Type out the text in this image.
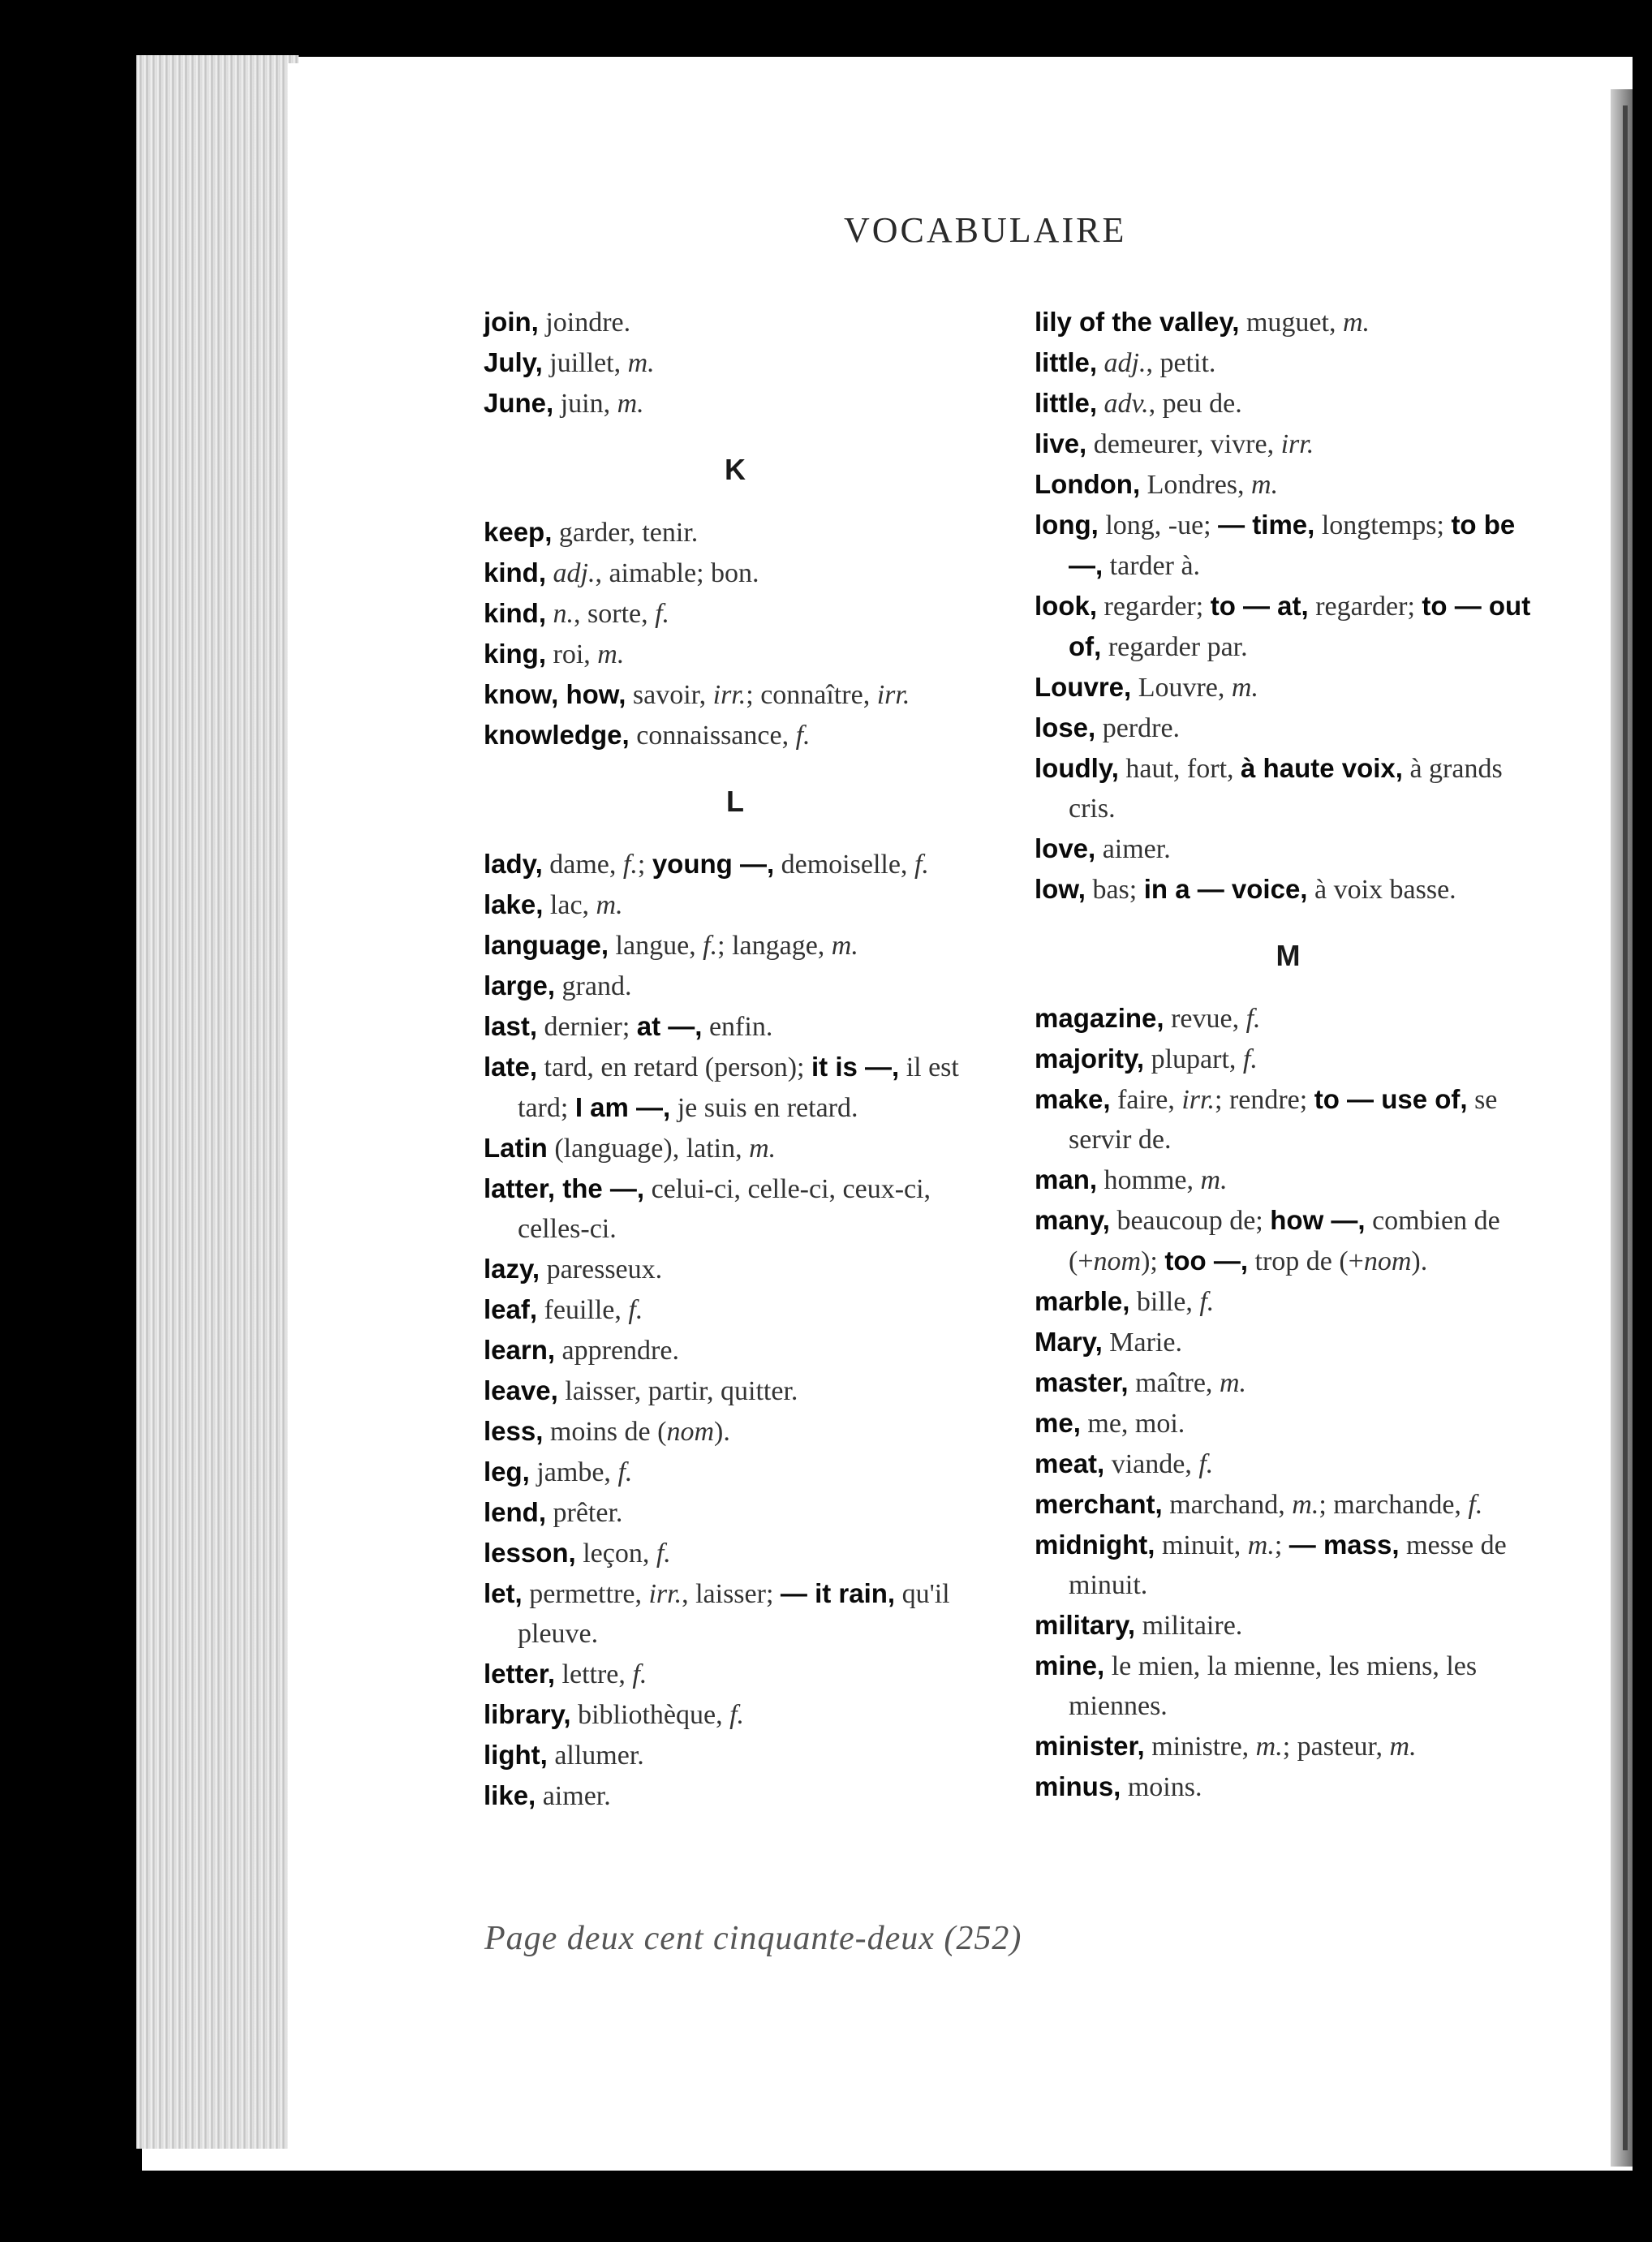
VOCABULAIRE

join, joindre.

July, juillet, m.

June, juin, m.

K

keep, garder, tenir.

kind, adj., aimable; bon.

kind, n., sorte, f.

king, roi, m.

know, how, savoir, irr.; connaître, irr.

knowledge, connaissance, f.

L

lady, dame, f.; young —, demoiselle, f.

lake, lac, m.

language, langue, f.; langage, m.

large, grand.

last, dernier; at —, enfin.

late, tard, en retard (person); it is —, il est tard; I am —, je suis en retard.

Latin (language), latin, m.

latter, the —, celui-ci, celle-ci, ceux-ci, celles-ci.

lazy, paresseux.

leaf, feuille, f.

learn, apprendre.

leave, laisser, partir, quitter.

less, moins de (nom).

leg, jambe, f.

lend, prêter.

lesson, leçon, f.

let, permettre, irr., laisser; — it rain, qu'il pleuve.

letter, lettre, f.

library, bibliothèque, f.

light, allumer.

like, aimer.

lily of the valley, muguet, m.

little, adj., petit.

little, adv., peu de.

live, demeurer, vivre, irr.

London, Londres, m.

long, long, -ue; — time, longtemps; to be —, tarder à.

look, regarder; to — at, regarder; to — out of, regarder par.

Louvre, Louvre, m.

lose, perdre.

loudly, haut, fort, à haute voix, à grands cris.

love, aimer.

low, bas; in a — voice, à voix basse.

M

magazine, revue, f.

majority, plupart, f.

make, faire, irr.; rendre; to — use of, se servir de.

man, homme, m.

many, beaucoup de; how —, combien de (+nom); too —, trop de (+nom).

marble, bille, f.

Mary, Marie.

master, maître, m.

me, me, moi.

meat, viande, f.

merchant, marchand, m.; marchande, f.

midnight, minuit, m.; — mass, messe de minuit.

military, militaire.

mine, le mien, la mienne, les miens, les miennes.

minister, ministre, m.; pasteur, m.

minus, moins.

Page deux cent cinquante-deux (252)
